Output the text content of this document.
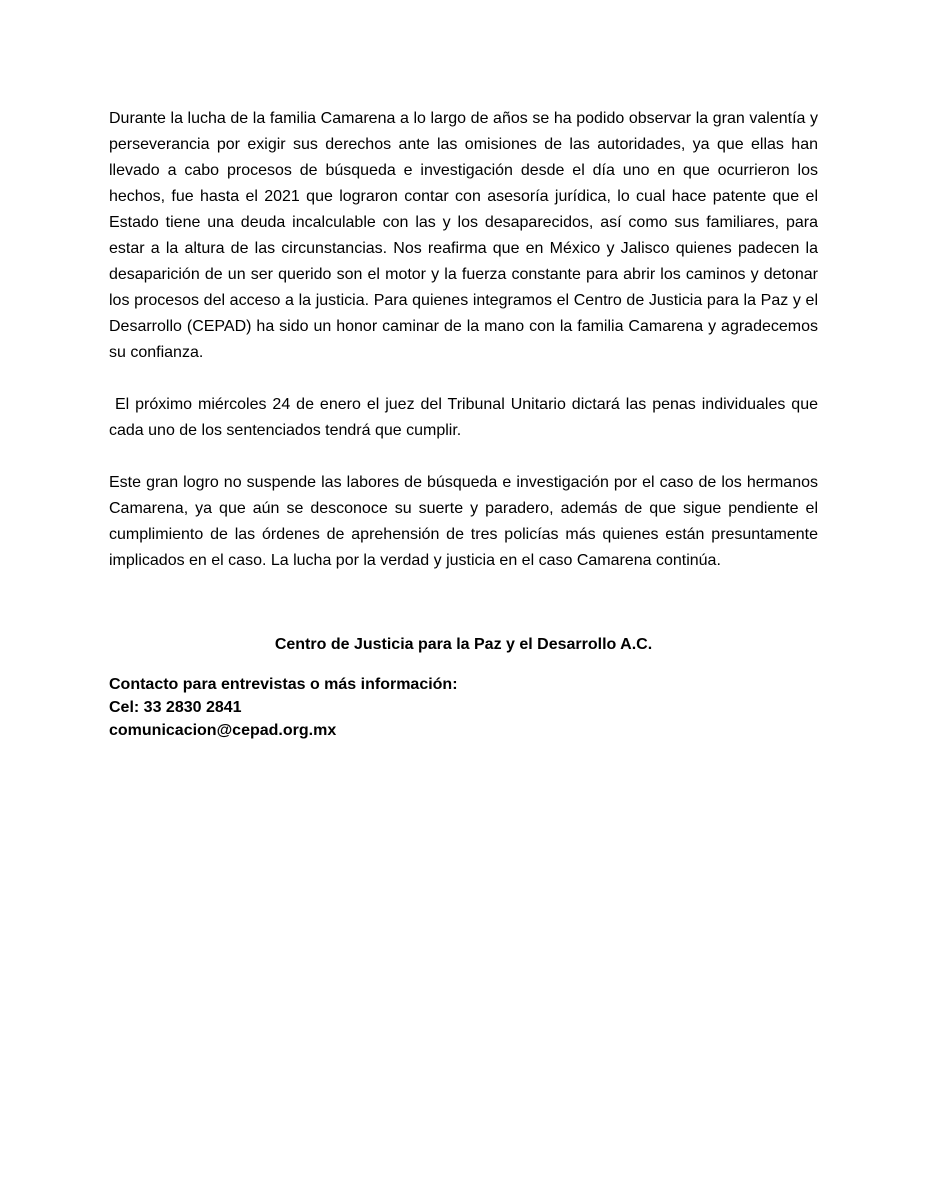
Durante la lucha de la familia Camarena a lo largo de años se ha podido observar la gran valentía y perseverancia por exigir sus derechos ante las omisiones de las autoridades, ya que ellas han llevado a cabo procesos de búsqueda e investigación desde el día uno en que ocurrieron los hechos, fue hasta el 2021 que lograron contar con asesoría jurídica, lo cual hace patente que el Estado tiene una deuda incalculable con las y los desaparecidos, así como sus familiares, para estar a la altura de las circunstancias. Nos reafirma que en México y Jalisco quienes padecen la desaparición de un ser querido son el motor y la fuerza constante para abrir los caminos y detonar los procesos del acceso a la justicia. Para quienes integramos el Centro de Justicia para la Paz y el Desarrollo (CEPAD) ha sido un honor caminar de la mano con la familia Camarena y agradecemos su confianza.

El próximo miércoles 24 de enero el juez del Tribunal Unitario dictará las penas individuales que cada uno de los sentenciados tendrá que cumplir.

Este gran logro no suspende las labores de búsqueda e investigación por el caso de los hermanos Camarena, ya que aún se desconoce su suerte y paradero, además de que sigue pendiente el cumplimiento de las órdenes de aprehensión de tres policías más quienes están presuntamente implicados en el caso. La lucha por la verdad y justicia en el caso Camarena continúa.

Centro de Justicia para la Paz y el Desarrollo A.C.

Contacto para entrevistas o más información:
Cel: 33 2830 2841
comunicacion@cepad.org.mx
